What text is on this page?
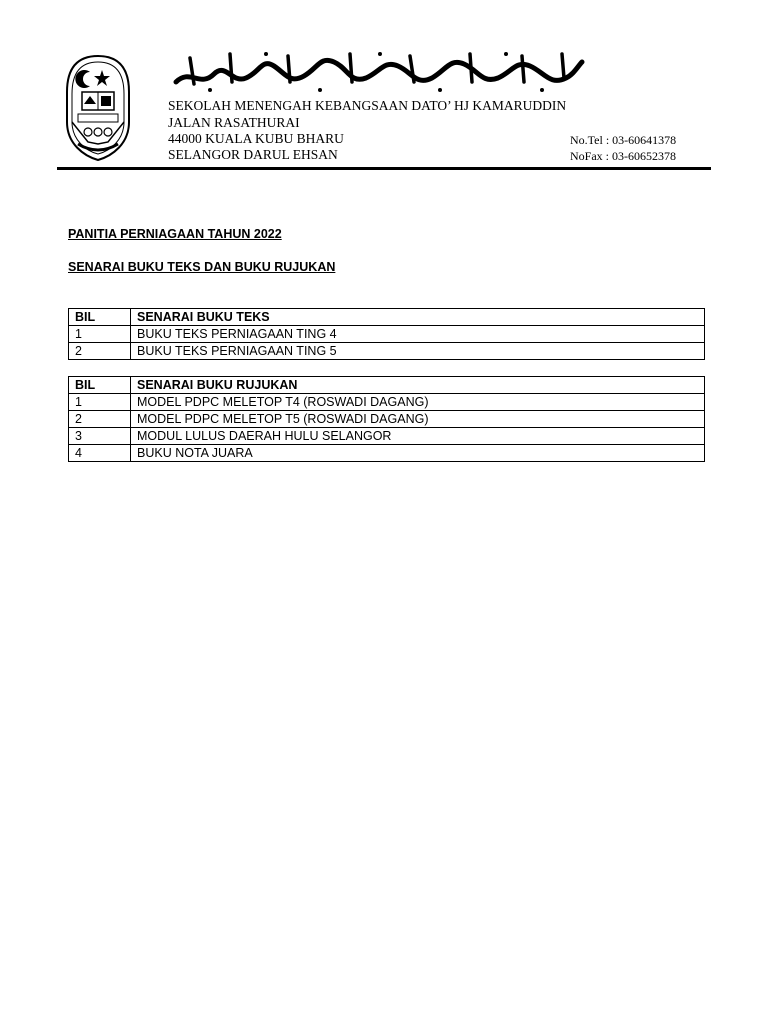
SEKOLAH MENENGAH KEBANGSAAN DATO’ HJ KAMARUDDIN
JALAN RASATHURAI
44000 KUALA KUBU BHARU
SELANGOR DARUL EHSAN
No.Tel : 03-60641378
NoFax : 03-60652378
PANITIA PERNIAGAAN TAHUN 2022
SENARAI BUKU TEKS DAN BUKU RUJUKAN
BIL	SENARAI BUKU TEKS
1	BUKU TEKS PERNIAGAAN TING 4
2	BUKU TEKS PERNIAGAAN TING 5
BIL	SENARAI BUKU RUJUKAN
1	MODEL PDPC MELETOP T4 (ROSWADI DAGANG)
2	MODEL PDPC MELETOP T5 (ROSWADI DAGANG)
3	MODUL LULUS DAERAH HULU SELANGOR
4	BUKU NOTA JUARA
